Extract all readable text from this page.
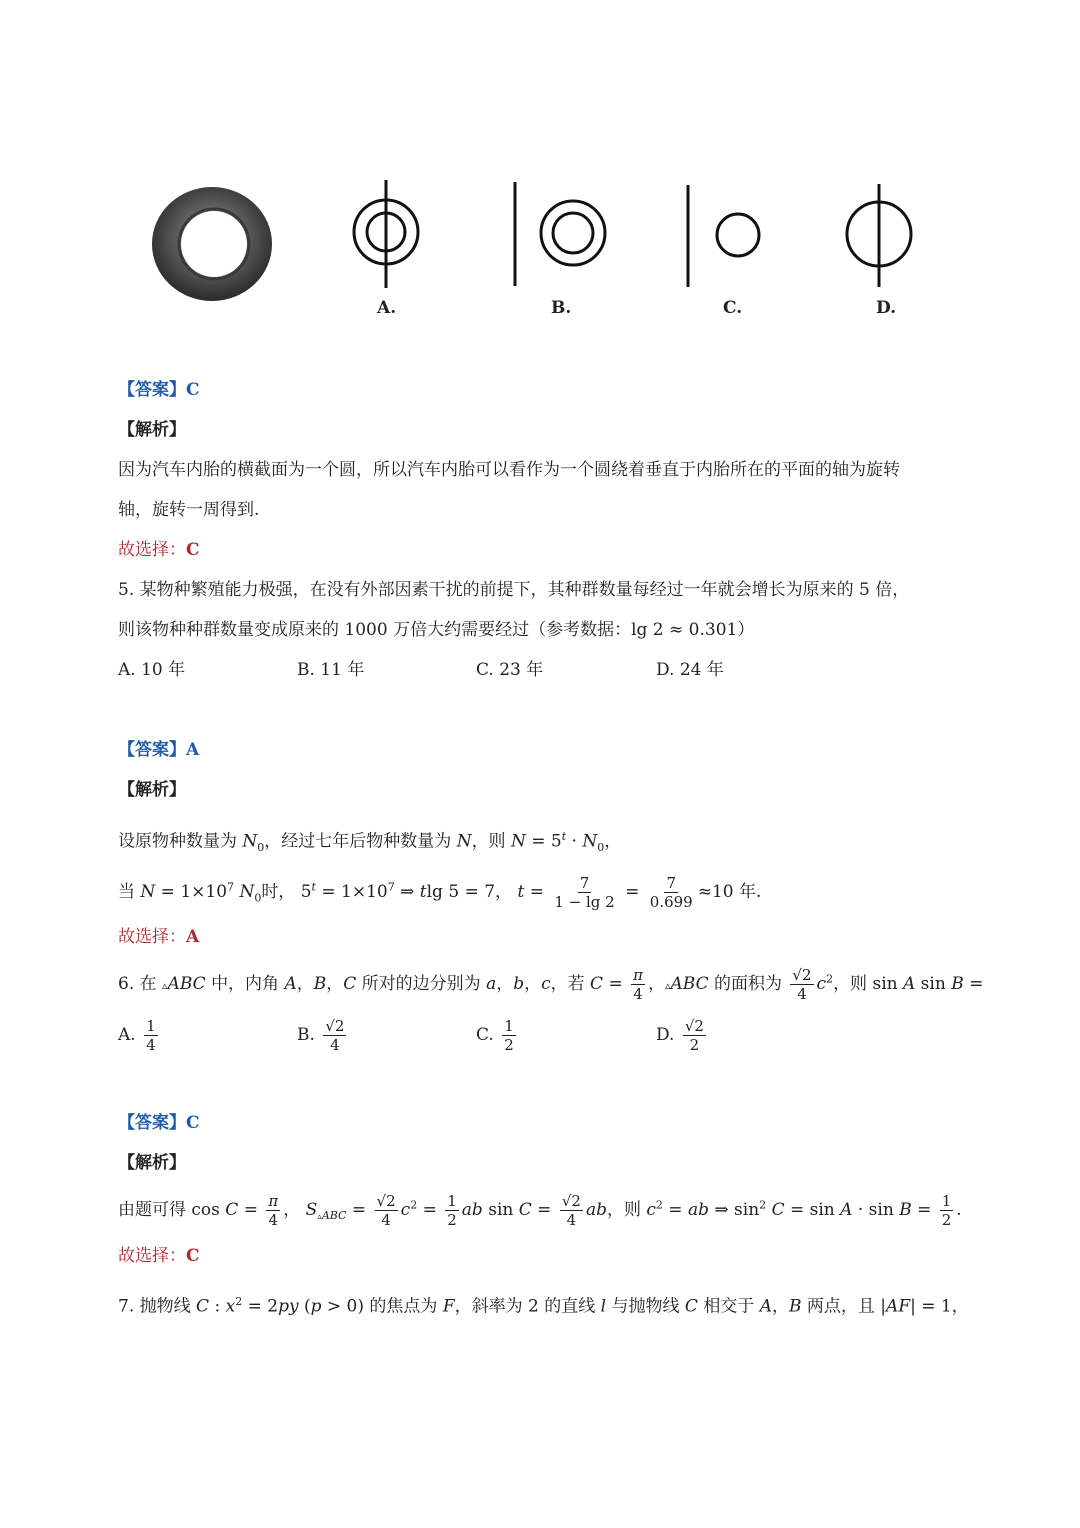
A.	B.	C.	D.
【答案】C
【解析】
因为汽车内胎的横截面为一个圆，所以汽车内胎可以看作为一个圆绕着垂直于内胎所在的平面的轴为旋转
轴，旋转一周得到.
故选择：C
5. 某物种繁殖能力极强，在没有外部因素干扰的前提下，其种群数量每经过一年就会增长为原来的 5 倍，
则该物种种群数量变成原来的 1000 万倍大约需要经过（参考数据：lg 2 ≈ 0.301）
A. 10 年	B. 11 年	C. 23 年	D. 24 年
【答案】A
【解析】
设原物种数量为 $N_0$，经过七年后物种数量为 N，则 $N = 5^t \cdot N_0$，
当 $N = 1\times 10^7$ $N_0$时， $5^t = 1\times 10^7$ ⇒ tlg 5 = 7， $t = \frac{7}{1 - \lg 2} = \frac{7}{0.699} \approx 10$ 年.
故选择：A
6. 在 ▵ABC 中，内角 A，B，C 所对的边分别为 a，b，c，若 $C = \frac{\pi}{4}$ ，▵ABC 的面积为 $\frac{√2}{4} c^2$，则 sin A sin B =
A. $\frac{1}{4}$	B. $\frac{√2}{4}$	C. $\frac{1}{2}$	D. $\frac{√2}{2}$
【答案】C
【解析】
由题可得 $\cos C = \frac{\pi}{4}$ ， $S_{▵ABC} = \frac{√2}{4} c^2 = \frac{1}{2}$ ab $\sin C = \frac{√2}{4}$ ab，则 $c^2$ = ab ⇒ $\sin^2 C = \sin A \cdot \sin B = \frac{1}{2}$ .
故选择：C
7. 抛物线 C : $x^2 = 2py$ (p > 0) 的焦点为 F，斜率为 2 的直线 l 与抛物线 C 相交于 A，B 两点，且 |AF| = 1，
